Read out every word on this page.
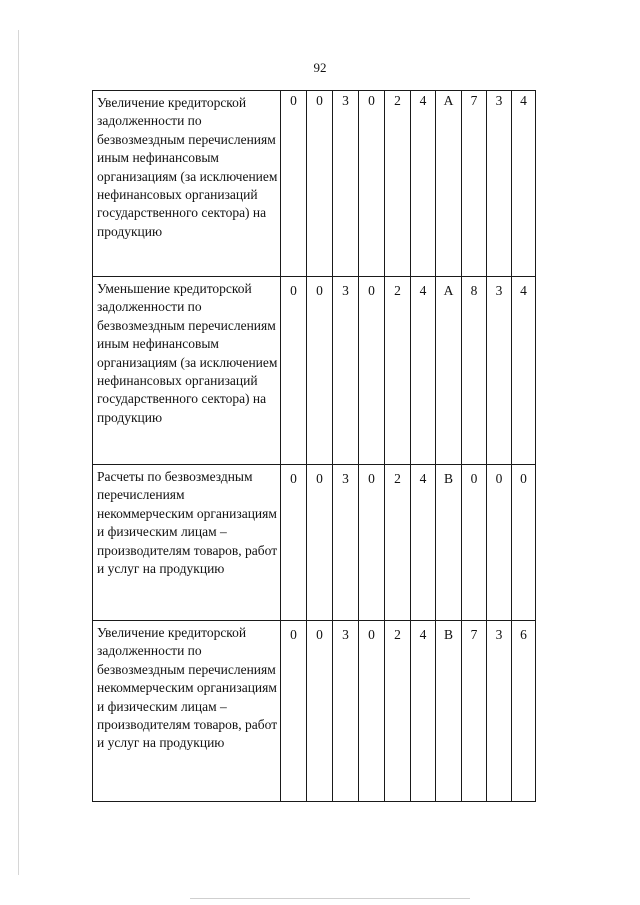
92
Увеличение кредиторской задолженности по безвозмездным перечислениям иным нефинансовым организациям (за исключением нефинансовых организаций государственного сектора) на продукцию	0	0	3	0	2	4	А	7	3	4
Уменьшение кредиторской задолженности по безвозмездным перечислениям иным нефинансовым организациям (за исключением нефинансовых организаций государственного сектора) на продукцию	0	0	3	0	2	4	А	8	3	4
Расчеты по безвозмездным перечислениям некоммерческим организациям и физическим лицам – производителям товаров, работ и услуг на продукцию	0	0	3	0	2	4	В	0	0	0
Увеличение кредиторской задолженности по безвозмездным перечислениям некоммерческим организациям и физическим лицам – производителям товаров, работ и услуг на продукцию	0	0	3	0	2	4	В	7	3	6
